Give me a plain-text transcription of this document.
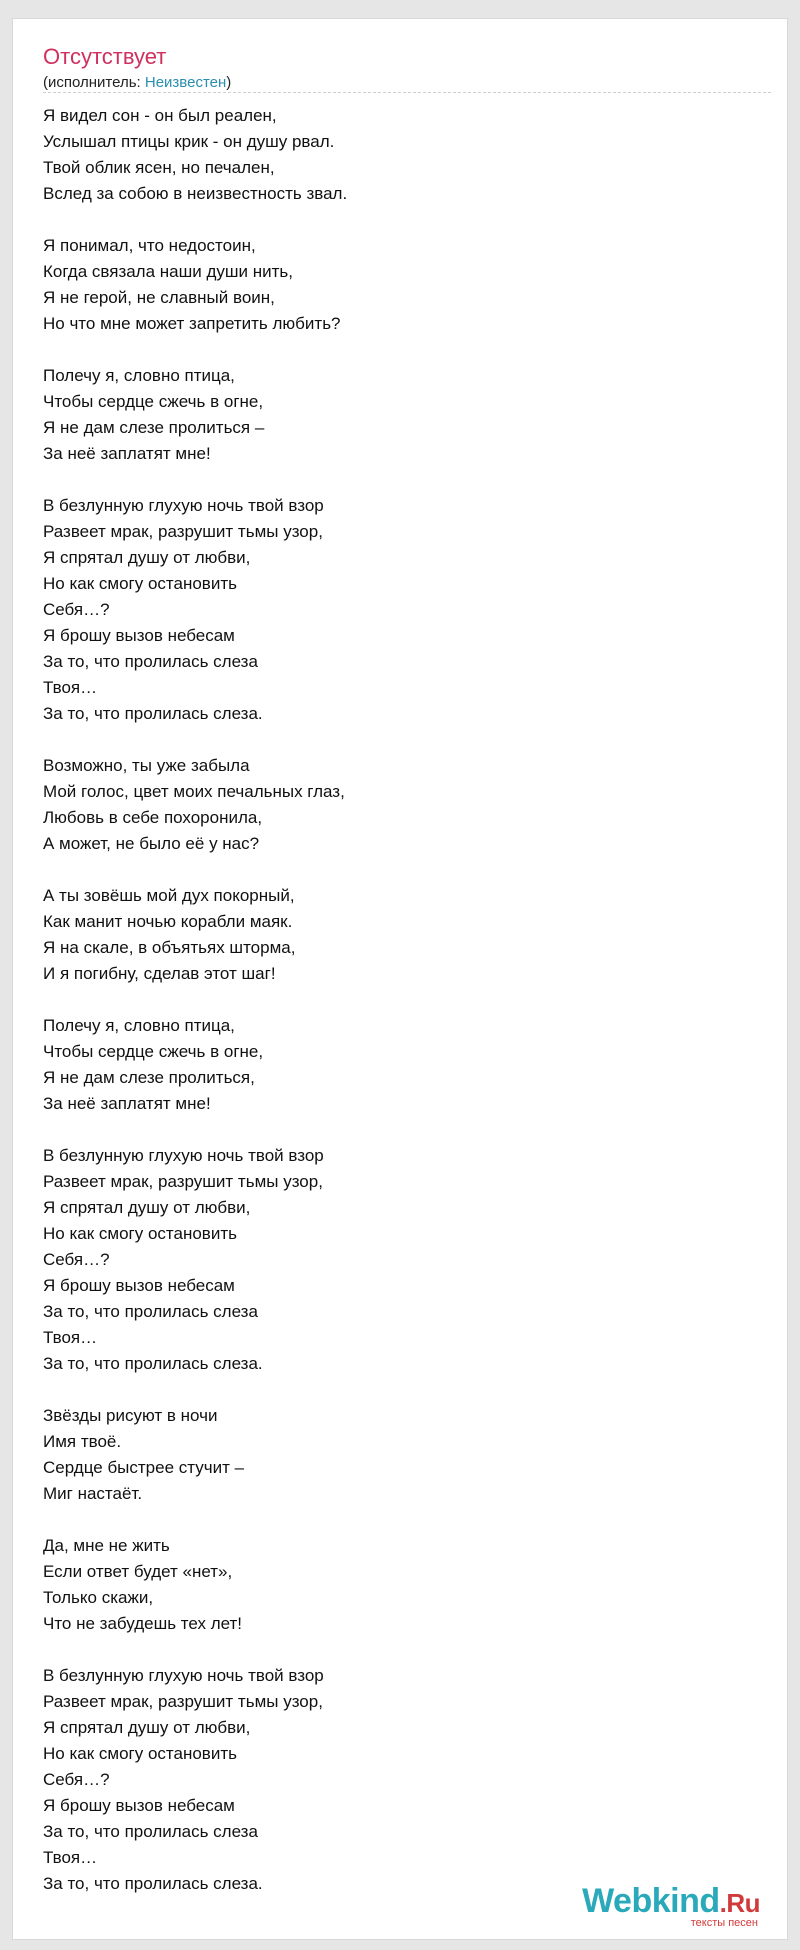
Отсутствует
(исполнитель: Неизвестен)
Я видел сон - он был реален,
Услышал птицы крик - он душу рвал.
Твой облик ясен, но печален,
Вслед за собою в неизвестность звал.
Я понимал, что недостоин,
Когда связала наши души нить,
Я не герой, не славный воин,
Но что мне может запретить любить?
Полечу я, словно птица,
Чтобы сердце сжечь в огне,
Я не дам слезе пролиться –
За неё заплатят мне!
В безлунную глухую ночь твой взор
Развеет мрак, разрушит тьмы узор,
Я спрятал душу от любви,
Но как смогу остановить
Себя…?
Я брошу вызов небесам
За то, что пролилась слеза
Твоя…
За то, что пролилась слеза.
Возможно, ты уже забыла
Мой голос, цвет моих печальных глаз,
Любовь в себе похоронила,
А может, не было её у нас?
А ты зовёшь мой дух покорный,
Как манит ночью корабли маяк.
Я на скале, в объятьях шторма,
И я погибну, сделав этот шаг!
Полечу я, словно птица,
Чтобы сердце сжечь в огне,
Я не дам слезе пролиться,
За неё заплатят мне!
В безлунную глухую ночь твой взор
Развеет мрак, разрушит тьмы узор,
Я спрятал душу от любви,
Но как смогу остановить
Себя…?
Я брошу вызов небесам
За то, что пролилась слеза
Твоя…
За то, что пролилась слеза.
Звёзды рисуют в ночи
Имя твоё.
Сердце быстрее стучит –
Миг настаёт.
Да, мне не жить
Если ответ будет «нет»,
Только скажи,
Что не забудешь тех лет!
В безлунную глухую ночь твой взор
Развеет мрак, разрушит тьмы узор,
Я спрятал душу от любви,
Но как смогу остановить
Себя…?
Я брошу вызов небесам
За то, что пролилась слеза
Твоя…
За то, что пролилась слеза.	Webkind.Ru
тексты песен
